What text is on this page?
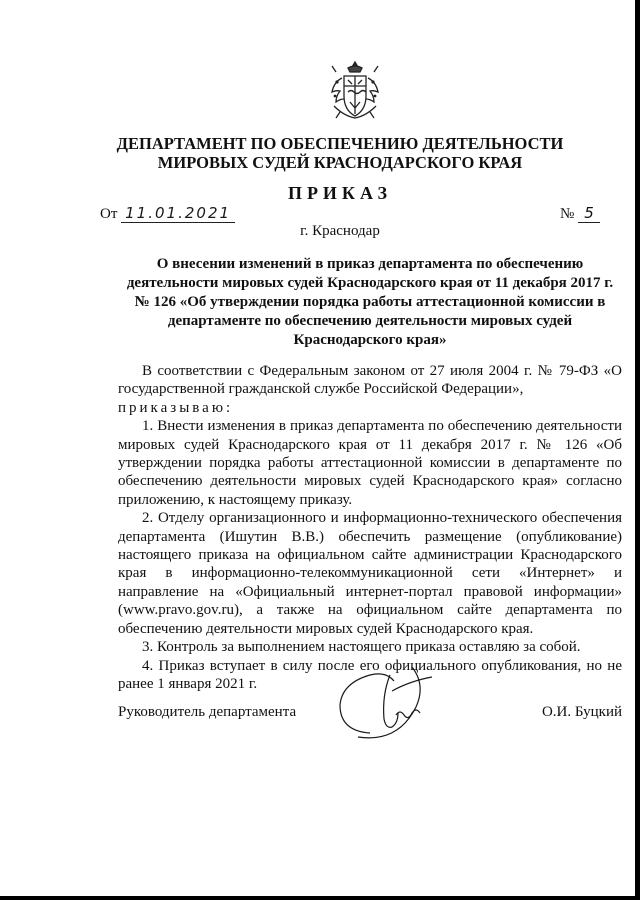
ДЕПАРТАМЕНТ ПО ОБЕСПЕЧЕНИЮ ДЕЯТЕЛЬНОСТИ
МИРОВЫХ СУДЕЙ КРАСНОДАРСКОГО КРАЯ
ПРИКАЗ
От 11.01.2021	№ 5
г. Краснодар
О внесении изменений в приказ департамента по обеспечению
деятельности мировых судей Краснодарского края от 11 декабря 2017 г.
№ 126 «Об утверждении порядка работы аттестационной комиссии в
департаменте по обеспечению деятельности мировых судей
Краснодарского края»

В соответствии с Федеральным законом от 27 июля 2004 г. № 79-ФЗ «О государственной гражданской службе Российской Федерации»,

приказываю:

1. Внести изменения в приказ департамента по обеспечению деятельности мировых судей Краснодарского края от 11 декабря 2017 г. № 126 «Об утверждении порядка работы аттестационной комиссии в департаменте по обеспечению деятельности мировых судей Краснодарского края» согласно приложению, к настоящему приказу.

2. Отделу организационного и информационно-технического обеспечения департамента (Ишутин В.В.) обеспечить размещение (опубликование) настоящего приказа на официальном сайте администрации Краснодарского края в информационно-телекоммуникационной сети «Интернет» и направление на «Официальный интернет-портал правовой информации» (www.pravo.gov.ru), а также на официальном сайте департамента по обеспечению деятельности мировых судей Краснодарского края.

3. Контроль за выполнением настоящего приказа оставляю за собой.

4. Приказ вступает в силу после его официального опубликования, но не ранее 1 января 2021 г.

Руководитель департамента	О.И. Буцкий
